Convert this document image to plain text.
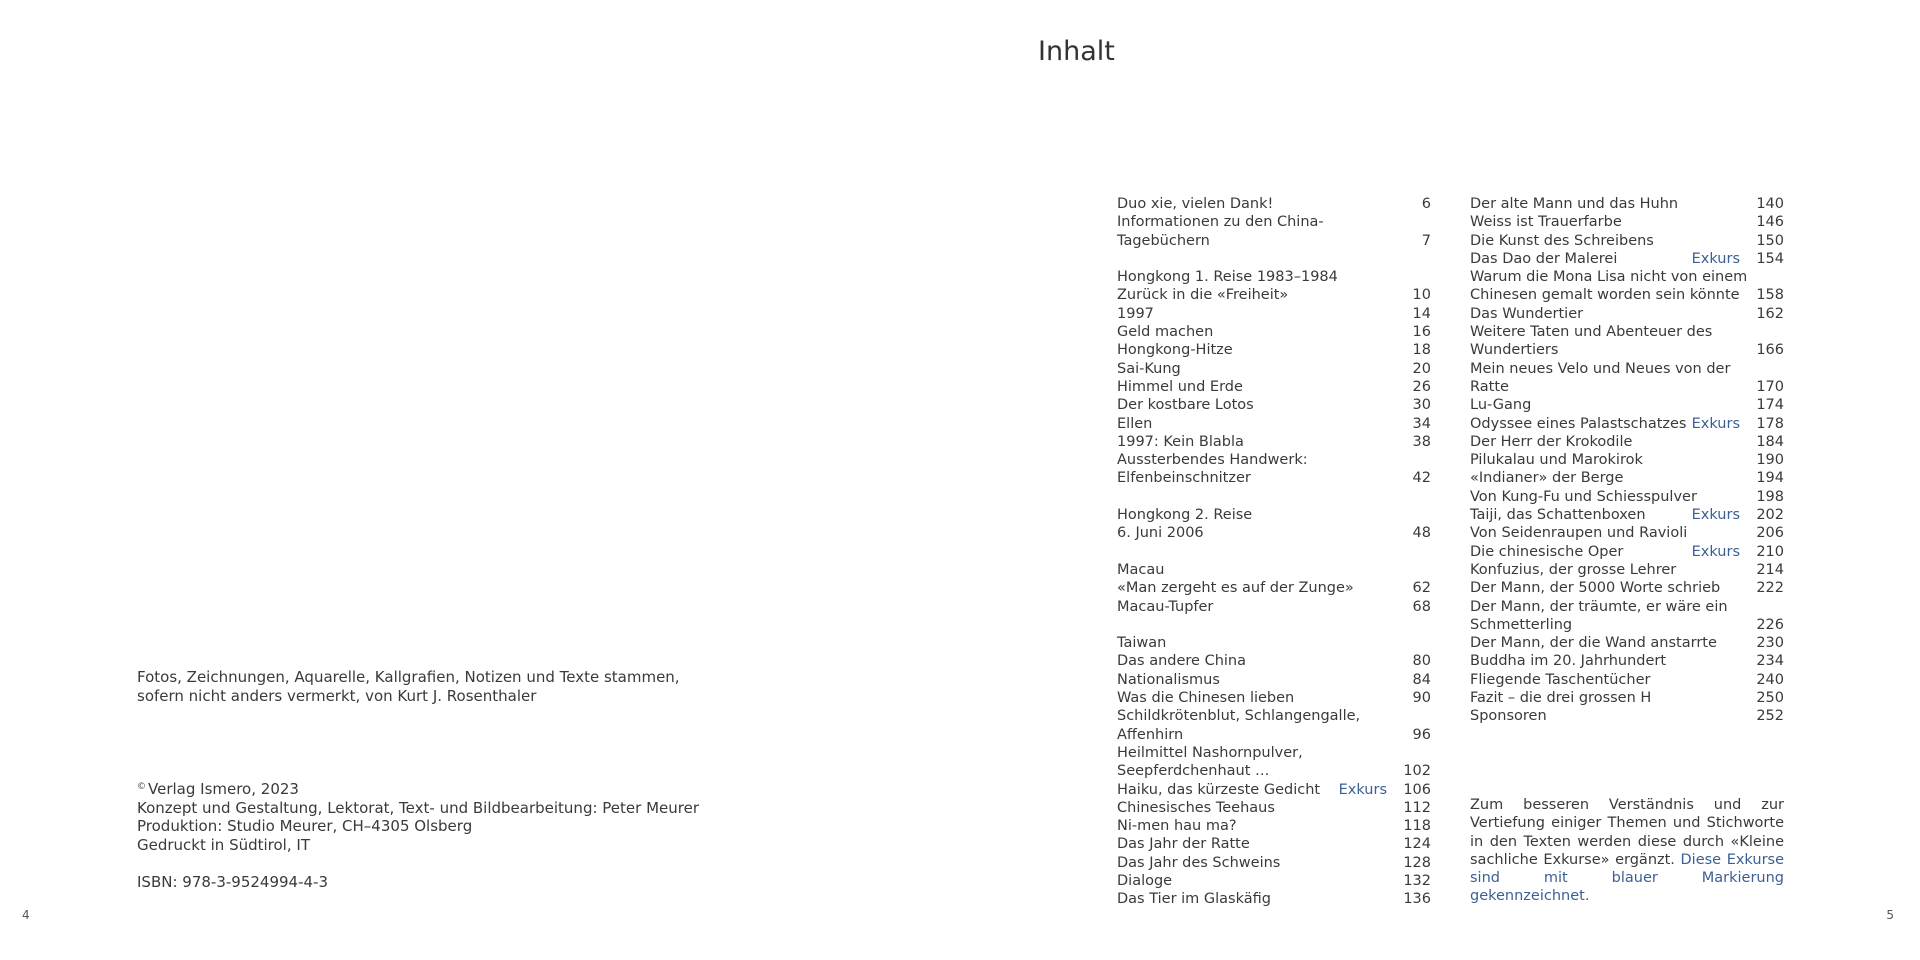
Fotos, Zeichnungen, Aquarelle, Kallgrafien, Notizen und Texte stammen,
sofern nicht anders vermerkt, von Kurt J. Rosenthaler
© Verlag Ismero, 2023
Konzept und Gestaltung, Lektorat, Text- und Bildbearbeitung: Peter Meurer
Produktion: Studio Meurer, CH–4305 Olsberg
Gedruckt in Südtirol, IT
ISBN: 978-3-9524994-4-3
4
Inhalt
Duo xie, vielen Dank!	6
Informationen zu den China-Tagebüchern	7
Hongkong 1. Reise 1983–1984
Zurück in die «Freiheit»	10
1997	14
Geld machen	16
Hongkong-Hitze	18
Sai-Kung	20
Himmel und Erde	26
Der kostbare Lotos	30
Ellen	34
1997: Kein Blabla	38
Aussterbendes Handwerk:
Elfenbeinschnitzer	42
Hongkong 2. Reise
6. Juni 2006	48
Macau
«Man zergeht es auf der Zunge»	62
Macau-Tupfer	68
Taiwan
Das andere China	80
Nationalismus	84
Was die Chinesen lieben	90
Schildkrötenblut, Schlangengalle,
Affenhirn	96
Heilmittel Nashornpulver,
Seepferdchenhaut …	102
Haiku, das kürzeste Gedicht	Exkurs 106
Chinesisches Teehaus	112
Ni-men hau ma?	118
Das Jahr der Ratte	124
Das Jahr des Schweins	128
Dialoge	132
Das Tier im Glaskäfig	136
Der alte Mann und das Huhn	140
Weiss ist Trauerfarbe	146
Die Kunst des Schreibens	150
Das Dao der Malerei	Exkurs 154
Warum die Mona Lisa nicht von einem
Chinesen gemalt worden sein könnte	158
Das Wundertier	162
Weitere Taten und Abenteuer des
Wundertiers	166
Mein neues Velo und Neues von der Ratte	170
Lu-Gang	174
Odyssee eines Palastschatzes Exkurs 178
Der Herr der Krokodile	184
Pilukalau und Marokirok	190
«Indianer» der Berge	194
Von Kung-Fu und Schiesspulver	198
Taiji, das Schattenboxen	Exkurs 202
Von Seidenraupen und Ravioli	206
Die chinesische Oper	Exkurs 210
Konfuzius, der grosse Lehrer	214
Der Mann, der 5000 Worte schrieb	222
Der Mann, der träumte, er wäre ein
Schmetterling	226
Der Mann, der die Wand anstarrte	230
Buddha im 20. Jahrhundert	234
Fliegende Taschentücher	240
Fazit – die drei grossen H	250
Sponsoren	252
Zum besseren Verständnis und zur Vertiefung einiger Themen und Stichworte in den Texten werden diese durch «Kleine sachliche Exkurse» ergänzt. Diese Exkurse sind mit blauer Markierung gekennzeichnet.
5
